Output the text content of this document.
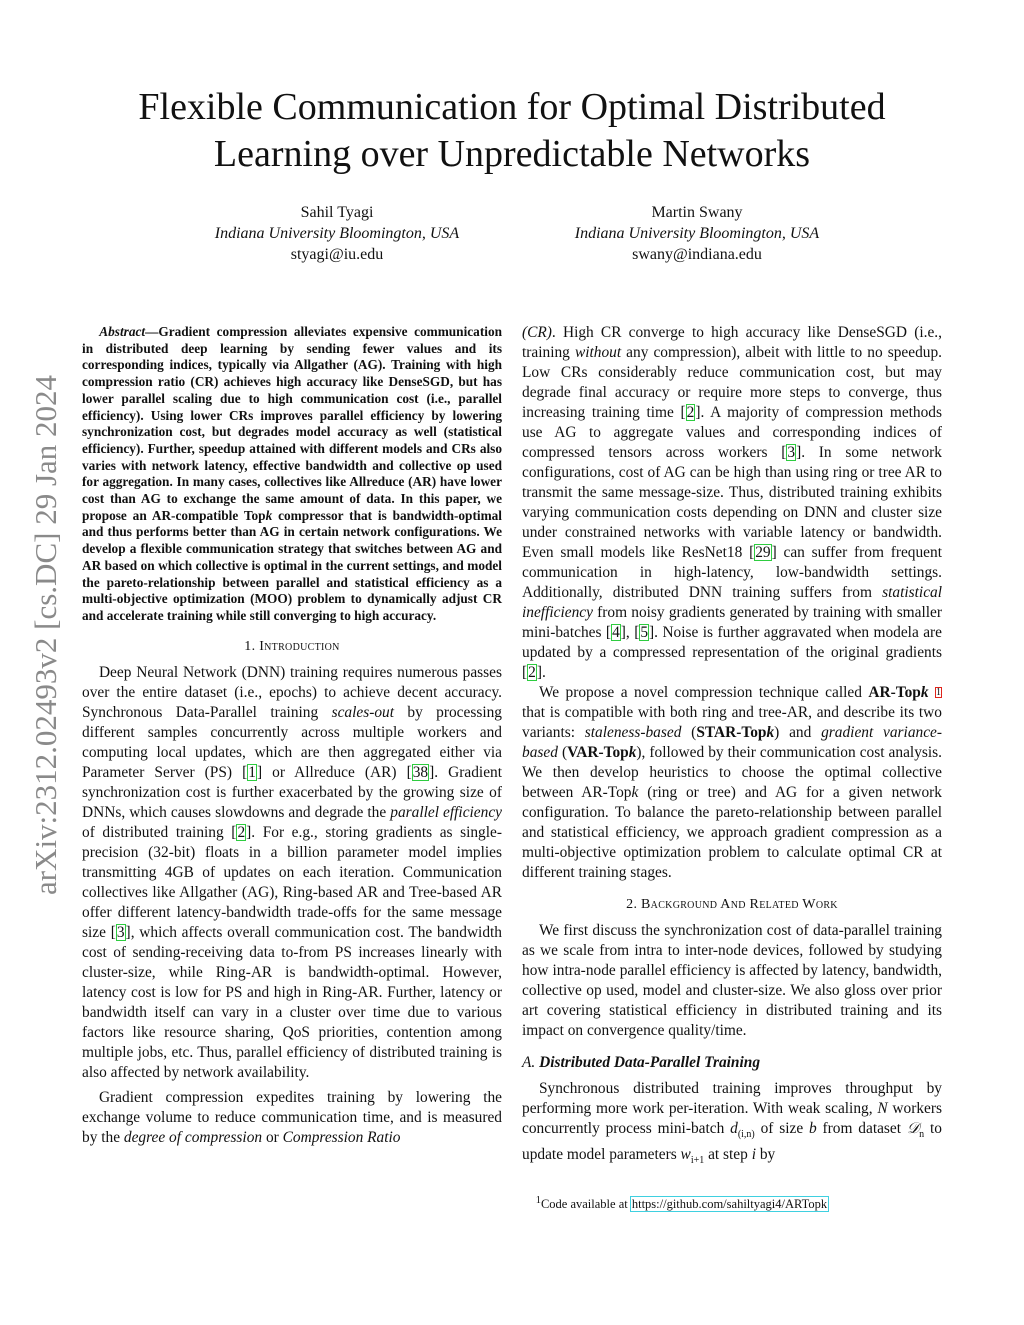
arXiv:2312.02493v2 [cs.DC] 29 Jan 2024
Flexible Communication for Optimal Distributed
Learning over Unpredictable Networks
Sahil Tyagi
Indiana University Bloomington, USA
styagi@iu.edu
Martin Swany
Indiana University Bloomington, USA
swany@indiana.edu

Abstract—Gradient compression alleviates expensive communication in distributed deep learning by sending fewer values and its corresponding indices, typically via Allgather (AG). Training with high compression ratio (CR) achieves high accuracy like DenseSGD, but has lower parallel scaling due to high communication cost (i.e., parallel efficiency). Using lower CRs improves parallel efficiency by lowering synchronization cost, but degrades model accuracy as well (statistical efficiency). Further, speedup attained with different models and CRs also varies with network latency, effective bandwidth and collective op used for aggregation. In many cases, collectives like Allreduce (AR) have lower cost than AG to exchange the same amount of data. In this paper, we propose an AR-compatible Topk compressor that is bandwidth-optimal and thus performs better than AG in certain network configurations. We develop a flexible communication strategy that switches between AG and AR based on which collective is optimal in the current settings, and model the pareto-relationship between parallel and statistical efficiency as a multi-objective optimization (MOO) problem to dynamically adjust CR and accelerate training while still converging to high accuracy.

1. Introduction

Deep Neural Network (DNN) training requires numerous passes over the entire dataset (i.e., epochs) to achieve decent accuracy. Synchronous Data-Parallel training scales-out by processing different samples concurrently across multiple workers and computing local updates, which are then aggregated either via Parameter Server (PS) [1] or Allreduce (AR) [38]. Gradient synchronization cost is further exacerbated by the growing size of DNNs, which causes slowdowns and degrade the parallel efficiency of distributed training [2]. For e.g., storing gradients as single-precision (32-bit) floats in a billion parameter model implies transmitting 4GB of updates on each iteration. Communication collectives like Allgather (AG), Ring-based AR and Tree-based AR offer different latency-bandwidth trade-offs for the same message size [3], which affects overall communication cost. The bandwidth cost of sending-receiving data to-from PS increases linearly with cluster-size, while Ring-AR is bandwidth-optimal. However, latency cost is low for PS and high in Ring-AR. Further, latency or bandwidth itself can vary in a cluster over time due to various factors like resource sharing, QoS priorities, contention among multiple jobs, etc. Thus, parallel efficiency of distributed training is also affected by network availability.

Gradient compression expedites training by lowering the exchange volume to reduce communication time, and is measured by the degree of compression or Compression Ratio

(CR). High CR converge to high accuracy like DenseSGD (i.e., training without any compression), albeit with little to no speedup. Low CRs considerably reduce communication cost, but may degrade final accuracy or require more steps to converge, thus increasing training time [2]. A majority of compression methods use AG to aggregate values and corresponding indices of compressed tensors across workers [3]. In some network configurations, cost of AG can be high than using ring or tree AR to transmit the same message-size. Thus, distributed training exhibits varying communication costs depending on DNN and cluster size under constrained networks with variable latency or bandwidth. Even small models like ResNet18 [29] can suffer from frequent communication in high-latency, low-bandwidth settings. Additionally, distributed DNN training suffers from statistical inefficiency from noisy gradients generated by training with smaller mini-batches [4], [5]. Noise is further aggravated when modela are updated by a compressed representation of the original gradients [2].

We propose a novel compression technique called AR-Topk $^1$ that is compatible with both ring and tree-AR, and describe its two variants: staleness-based (STAR-Topk) and gradient variance-based (VAR-Topk), followed by their communication cost analysis. We then develop heuristics to choose the optimal collective between AR-Topk (ring or tree) and AG for a given network configuration. To balance the pareto-relationship between parallel and statistical efficiency, we approach gradient compression as a multi-objective optimization problem to calculate optimal CR at different training stages.

2. Background And Related Work

We first discuss the synchronization cost of data-parallel training as we scale from intra to inter-node devices, followed by studying how intra-node parallel efficiency is affected by latency, bandwidth, collective op used, model and cluster-size. We also gloss over prior art covering statistical efficiency in distributed training and its impact on convergence quality/time.

A. Distributed Data-Parallel Training

Synchronous distributed training improves throughput by performing more work per-iteration. With weak scaling, N workers concurrently process mini-batch $d_{(i,n)}$ of size b from dataset 𝒟$_n$ to update model parameters $w_{i+1}$ at step i by

$^1$Code available at https://github.com/sahiltyagi4/ARTopk
